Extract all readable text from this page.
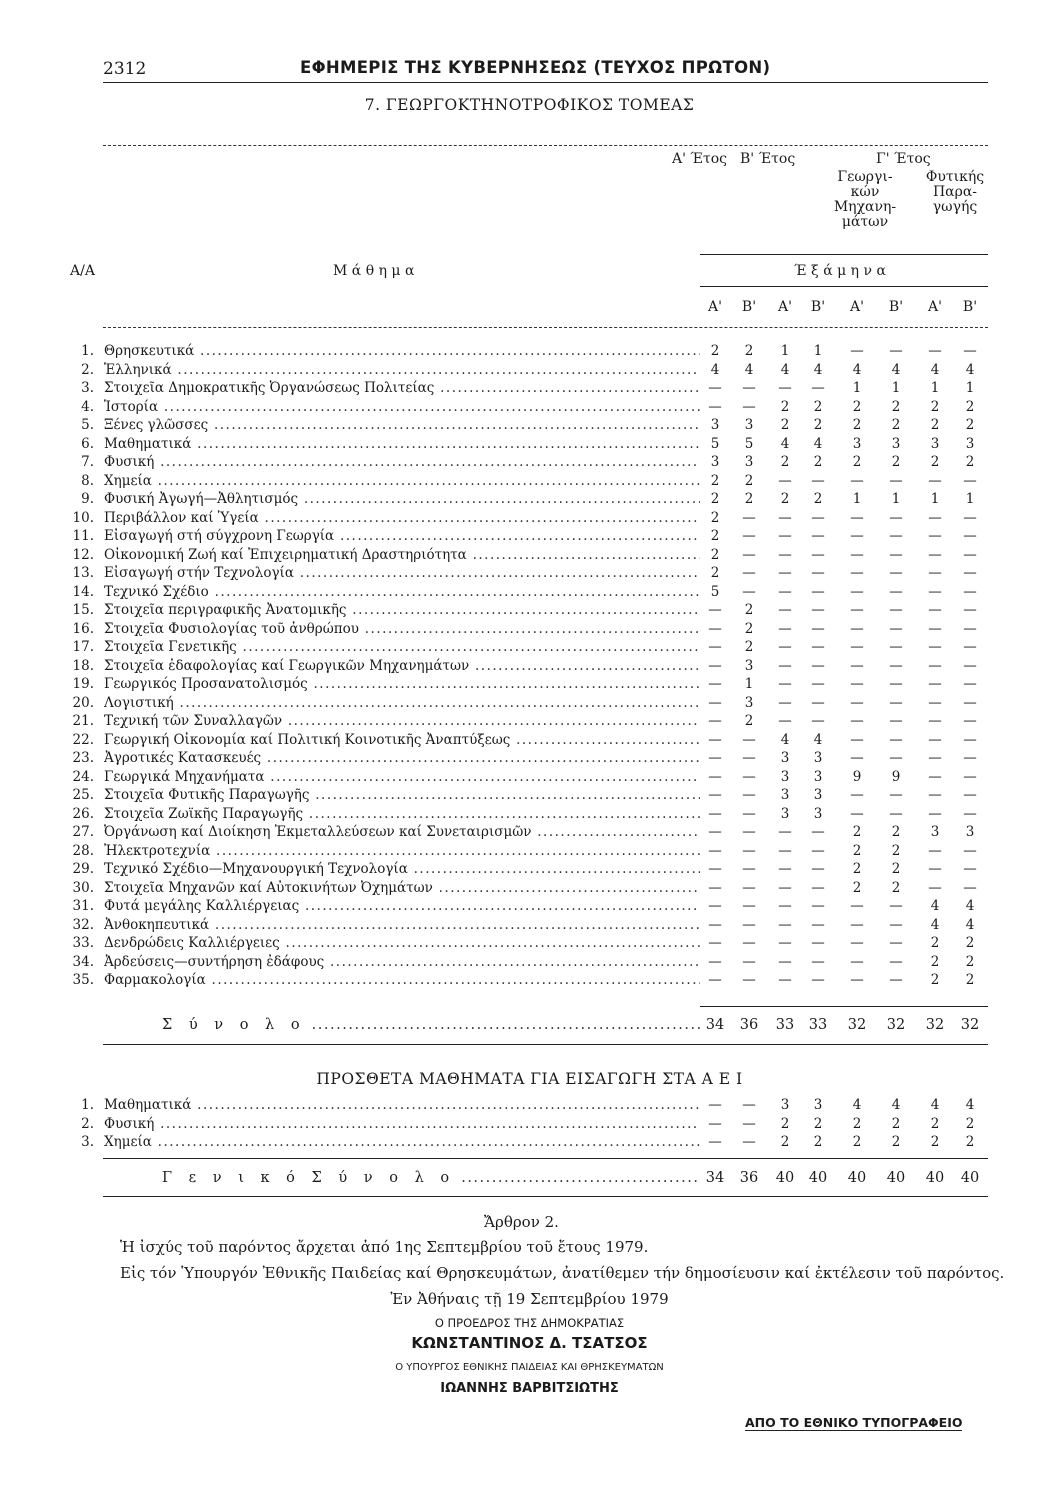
2312	ΕΦΗΜΕΡΙΣ ΤΗΣ ΚΥΒΕΡΝΗΣΕΩΣ (ΤΕΥΧΟΣ ΠΡΩΤΟΝ)
7. ΓΕΩΡΓΟΚΤΗΝΟΤΡΟΦΙΚΟΣ ΤΟΜΕΑΣ
Α' Έτος Β' Έτος	Γ' Έτος
Γεωργι-
κών
Μηχανη-
μάτων
Φυτικής
Παρα-
γωγής
Α/Α	Μ ά θ η μ α	Έ ξ ά μ η ν α
Α'	Β'	Α'	Β'	Α'	Β'	Α'	Β'
1. Θρησκευτικά .....	2	2	1	1	—	—	—	—
2. Ἑλληνικά .....	4	4	4	4	4	4	4	4
3. Στοιχεῖα Δημοκρατικῆς Ὀργανώσεως Πολιτείας .....	—	—	—	—	1	1	1	1
4. Ἱστορία .....	—	—	2	2	2	2	2	2
5. Ξένες γλῶσσες .....	3	3	2	2	2	2	2	2
6. Μαθηματικά .....	5	5	4	4	3	3	3	3
7. Φυσική .....	3	3	2	2	2	2	2	2
8. Χημεία .....	2	2	—	—	—	—	—	—
9. Φυσική Ἀγωγή—Ἀθλητισμός .....	2	2	2	2	1	1	1	1
10. Περιβάλλον καί Ὑγεία .....	2	—	—	—	—	—	—	—
11. Εἰσαγωγή στή σύγχρονη Γεωργία .....	2	—	—	—	—	—	—	—
12. Οἰκονομική Ζωή καί Ἐπιχειρηματική Δραστηριότητα .....	2	—	—	—	—	—	—	—
13. Εἰσαγωγή στήν Τεχνολογία .....	2	—	—	—	—	—	—	—
14. Τεχνικό Σχέδιο .....	5	—	—	—	—	—	—	—
15. Στοιχεῖα περιγραφικῆς Ἀνατομικῆς .....	—	2	—	—	—	—	—	—
16. Στοιχεῖα Φυσιολογίας τοῦ ἀνθρώπου .....	—	2	—	—	—	—	—	—
17. Στοιχεῖα Γενετικῆς .....	—	2	—	—	—	—	—	—
18. Στοιχεῖα ἐδαφολογίας καί Γεωργικῶν Μηχανημάτων .....	—	3	—	—	—	—	—	—
19. Γεωργικός Προσανατολισμός .....	—	1	—	—	—	—	—	—
20. Λογιστική .....	—	3	—	—	—	—	—	—
21. Τεχνική τῶν Συναλλαγῶν .....	—	2	—	—	—	—	—	—
22. Γεωργική Οἰκονομία καί Πολιτική Κοινοτικῆς Ἀναπτύξεως .....	—	—	4	4	—	—	—	—
23. Ἀγροτικές Κατασκευές .....	—	—	3	3	—	—	—	—
24. Γεωργικά Μηχανήματα .....	—	—	3	3	9	9	—	—
25. Στοιχεῖα Φυτικῆς Παραγωγῆς .....	—	—	3	3	—	—	—	—
26. Στοιχεῖα Ζωϊκῆς Παραγωγῆς .....	—	—	3	3	—	—	—	—
27. Ὀργάνωση καί Διοίκηση Ἐκμεταλλεύσεων καί Συνεταιρισμῶν .....	—	—	—	—	2	2	3	3
28. Ἠλεκτροτεχνία .....	—	—	—	—	2	2	—	—
29. Τεχνικό Σχέδιο—Μηχανουργική Τεχνολογία .....	—	—	—	—	2	2	—	—
30. Στοιχεῖα Μηχανῶν καί Αὐτοκινήτων Ὀχημάτων .....	—	—	—	—	2	2	—	—
31. Φυτά μεγάλης Καλλιέργειας .....	—	—	—	—	—	—	4	4
32. Ἀνθοκηπευτικά .....	—	—	—	—	—	—	4	4
33. Δενδρώδεις Καλλιέργειες .....	—	—	—	—	—	—	2	2
34. Ἀρδεύσεις—συντήρηση ἐδάφους .....	—	—	—	—	—	—	2	2
35. Φαρμακολογία .....	—	—	—	—	—	—	2	2
Σ ύ ν ο λ ο .....	34 36 33 33 32 32 32 32
ΠΡΟΣΘΕΤΑ ΜΑΘΗΜΑΤΑ ΓΙΑ ΕΙΣΑΓΩΓΗ ΣΤΑ Α Ε Ι
1. Μαθηματικά .....	—	—	3	3	4	4	4	4
2. Φυσική .....	—	—	2	2	2	2	2	2
3. Χημεία .....	—	—	2	2	2	2	2	2
Γ ε ν ι κ ό Σ ύ ν ο λ ο .....	34 36 40 40 40 40 40 40
Ἄρθρον 2.
Ἡ ἰσχύς τοῦ παρόντος ἄρχεται ἀπό 1ης Σεπτεμβρίου τοῦ ἔτους 1979.
Εἰς τόν Ὑπουργόν Ἐθνικῆς Παιδείας καί Θρησκευμάτων, ἀνατίθεμεν τήν δημοσίευσιν καί ἐκτέλεσιν τοῦ παρόντος.
Ἐν Ἀθήναις τῇ 19 Σεπτεμβρίου 1979
Ο ΠΡΟΕΔΡΟΣ ΤΗΣ ΔΗΜΟΚΡΑΤΙΑΣ
ΚΩΝΣΤΑΝΤΙΝΟΣ Δ. ΤΣΑΤΣΟΣ
Ο ΥΠΟΥΡΓΟΣ ΕΘΝΙΚΗΣ ΠΑΙΔΕΙΑΣ ΚΑΙ ΘΡΗΣΚΕΥΜΑΤΩΝ
ΙΩΑΝΝΗΣ ΒΑΡΒΙΤΣΙΩΤΗΣ
ΑΠΟ ΤΟ ΕΘΝΙΚΟ ΤΥΠΟΓΡΑΦΕΙΟ
